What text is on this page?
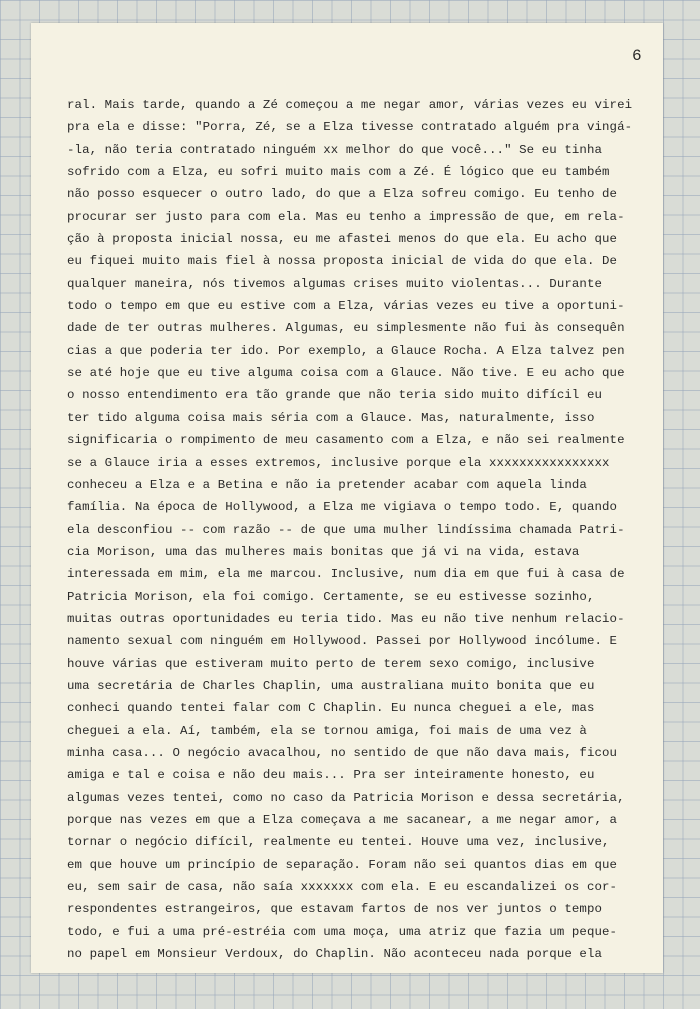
6
ral. Mais tarde, quando a Zé começou a me negar amor, várias vezes eu virei
pra ela e disse: "Porra, Zé, se a Elza tivesse contratado alguém pra vingá-
-la, não teria contratado ninguém xx melhor do que você..." Se eu tinha
sofrido com a Elza, eu sofri muito mais com a Zé. É lógico que eu também
não posso esquecer o outro lado, do que a Elza sofreu comigo. Eu tenho de
procurar ser justo para com ela. Mas eu tenho a impressão de que, em rela-
ção à proposta inicial nossa, eu me afastei menos do que ela. Eu acho que
eu fiquei muito mais fiel à nossa proposta inicial de vida do que ela. De
qualquer maneira, nós tivemos algumas crises muito violentas... Durante
todo o tempo em que eu estive com a Elza, várias vezes eu tive a oportuni-
dade de ter outras mulheres. Algumas, eu simplesmente não fui às consequên
cias a que poderia ter ido. Por exemplo, a Glauce Rocha. A Elza talvez pen
se até hoje que eu tive alguma coisa com a Glauce. Não tive. E eu acho que
o nosso entendimento era tão grande que não teria sido muito difícil eu
ter tido alguma coisa mais séria com a Glauce. Mas, naturalmente, isso
significaria o rompimento de meu casamento com a Elza, e não sei realmente
se a Glauce iria a esses extremos, inclusive porque ela xxxxxxxxxxxxxxxx
conheceu a Elza e a Betina e não ia pretender acabar com aquela linda
família. Na época de Hollywood, a Elza me vigiava o tempo todo. E, quando
ela desconfiou -- com razão -- de que uma mulher lindíssima chamada Patri-
cia Morison, uma das mulheres mais bonitas que já vi na vida, estava
interessada em mim, ela me marcou. Inclusive, num dia em que fui à casa de
Patricia Morison, ela foi comigo. Certamente, se eu estivesse sozinho,
muitas outras oportunidades eu teria tido. Mas eu não tive nenhum relacio-
namento sexual com ninguém em Hollywood. Passei por Hollywood incólume. E
houve várias que estiveram muito perto de terem sexo comigo, inclusive
uma secretária de Charles Chaplin, uma australiana muito bonita que eu
conheci quando tentei falar com C Chaplin. Eu nunca cheguei a ele, mas
cheguei a ela. Aí, também, ela se tornou amiga, foi mais de uma vez à
minha casa... O negócio avacalhou, no sentido de que não dava mais, ficou
amiga e tal e coisa e não deu mais... Pra ser inteiramente honesto, eu
algumas vezes tentei, como no caso da Patricia Morison e dessa secretária,
porque nas vezes em que a Elza começava a me sacanear, a me negar amor, a
tornar o negócio difícil, realmente eu tentei. Houve uma vez, inclusive,
em que houve um princípio de separação. Foram não sei quantos dias em que
eu, sem sair de casa, não saía xxxxxxx com ela. E eu escandalizei os cor-
respondentes estrangeiros, que estavam fartos de nos ver juntos o tempo
todo, e fui a uma pré-estréia com uma moça, uma atriz que fazia um peque-
no papel em Monsieur Verdoux, do Chaplin. Não aconteceu nada porque ela
